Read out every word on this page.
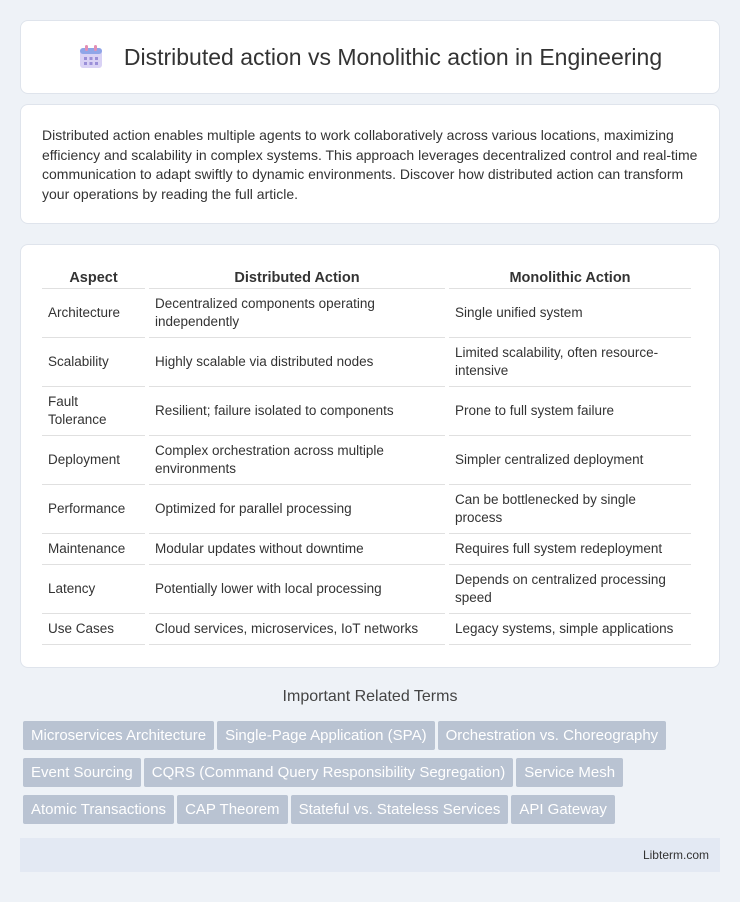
Distributed action vs Monolithic action in Engineering

Distributed action enables multiple agents to work collaboratively across various locations, maximizing efficiency and scalability in complex systems. This approach leverages decentralized control and real-time communication to adapt swiftly to dynamic environments. Discover how distributed action can transform your operations by reading the full article.

Aspect	Distributed Action	Monolithic Action
Architecture	Decentralized components operating independently	Single unified system
Scalability	Highly scalable via distributed nodes	Limited scalability, often resource-intensive
Fault Tolerance	Resilient; failure isolated to components	Prone to full system failure
Deployment	Complex orchestration across multiple environments	Simpler centralized deployment
Performance	Optimized for parallel processing	Can be bottlenecked by single process
Maintenance	Modular updates without downtime	Requires full system redeployment
Latency	Potentially lower with local processing	Depends on centralized processing speed
Use Cases	Cloud services, microservices, IoT networks	Legacy systems, simple applications
Important Related Terms
Microservices Architecture Single-Page Application (SPA) Orchestration vs. Choreography
Event Sourcing CQRS (Command Query Responsibility Segregation) Service Mesh
Atomic Transactions CAP Theorem Stateful vs. Stateless Services API Gateway
Libterm.com
